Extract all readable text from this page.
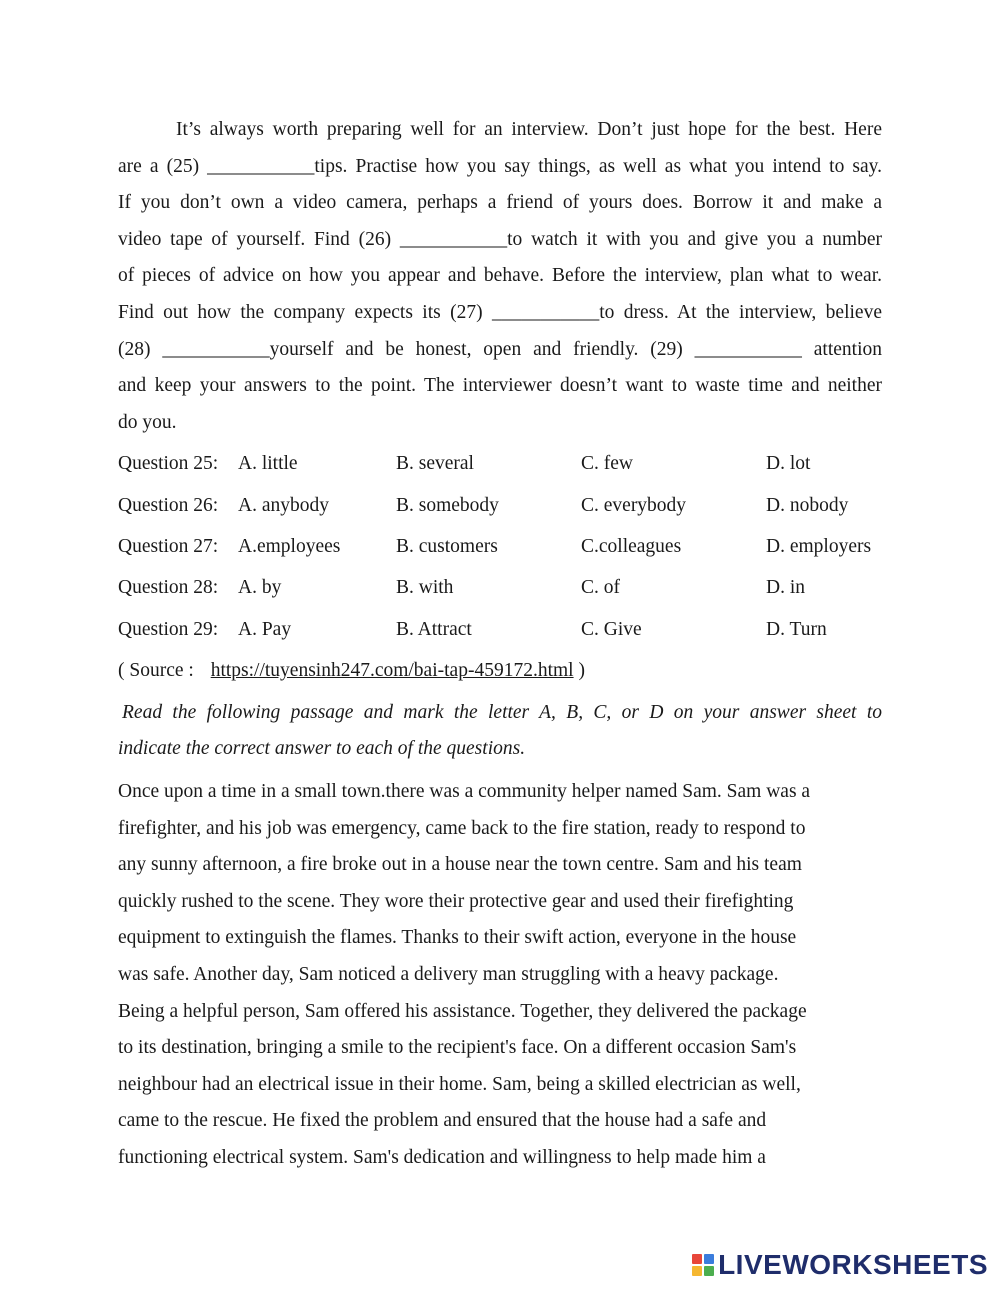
It’s always worth preparing well for an interview. Don’t just hope for the best. Here
are a (25) ___________tips. Practise how you say things, as well as what you intend to say.
If you don’t own a video camera, perhaps a friend of yours does. Borrow it and make a
video tape of yourself. Find (26) ___________to watch it with you and give you a number
of pieces of advice on how you appear and behave. Before the interview, plan what to wear.
Find out how the company expects its (27) ___________to dress. At the interview, believe
(28) ___________yourself and be honest, open and friendly. (29) ___________ attention
and keep your answers to the point. The interviewer doesn’t want to waste time and neither
do you.
Question 25: A. little	B. several	C. few	D. lot
Question 26: A. anybody	B. somebody	C. everybody	D. nobody
Question 27: A.employees	B. customers	C.colleagues	D. employers
Question 28: A. by	B. with	C. of	D. in
Question 29: A. Pay	B. Attract	C. Give	D. Turn
( Source : https://tuyensinh247.com/bai-tap-459172.html )
Read the following passage and mark the letter A, B, C, or D on your answer sheet to
indicate the correct answer to each of the questions.
Once upon a time in a small town.there was a community helper named Sam. Sam was a
firefighter, and his job was emergency, came back to the fire station, ready to respond to
any sunny afternoon, a fire broke out in a house near the town centre. Sam and his team
quickly rushed to the scene. They wore their protective gear and used their firefighting
equipment to extinguish the flames. Thanks to their swift action, everyone in the house
was safe. Another day, Sam noticed a delivery man struggling with a heavy package.
Being a helpful person, Sam offered his assistance. Together, they delivered the package
to its destination, bringing a smile to the recipient's face. On a different occasion Sam's
neighbour had an electrical issue in their home. Sam, being a skilled electrician as well,
came to the rescue. He fixed the problem and ensured that the house had a safe and
functioning electrical system. Sam's dedication and willingness to help made him a
LIVEWORKSHEETS
